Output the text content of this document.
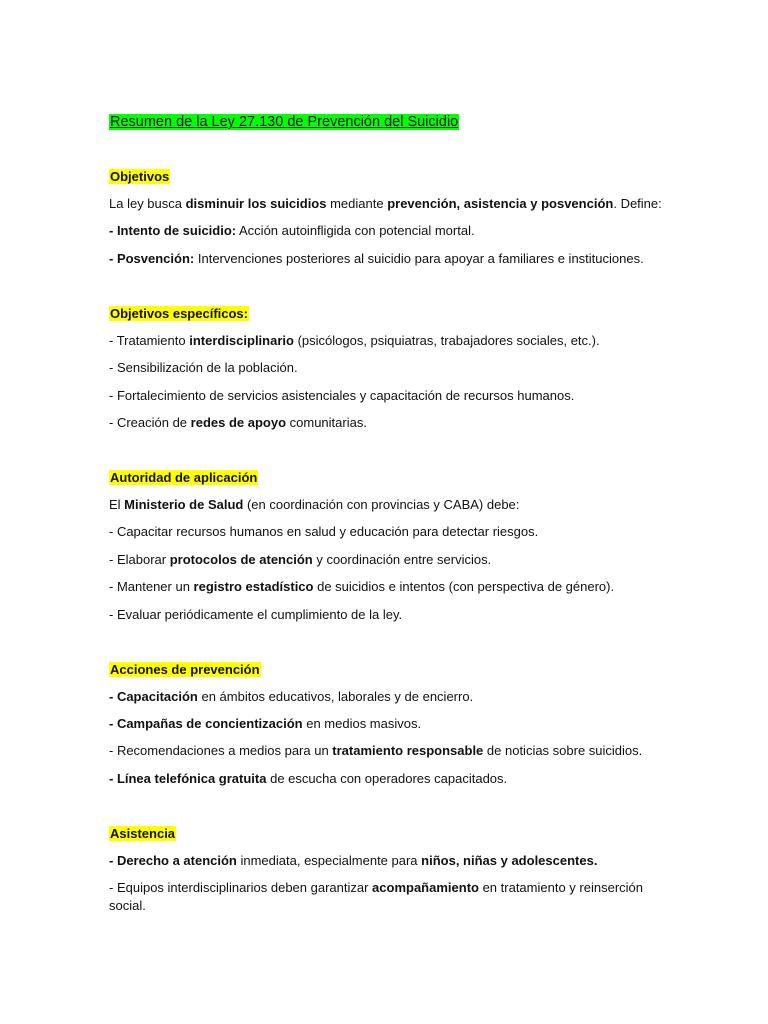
Resumen de la Ley 27.130 de Prevención del Suicidio
Objetivos
La ley busca disminuir los suicidios mediante prevención, asistencia y posvención. Define:
- Intento de suicidio: Acción autoinfligida con potencial mortal.
- Posvención: Intervenciones posteriores al suicidio para apoyar a familiares e instituciones.
Objetivos específicos:
- Tratamiento interdisciplinario (psicólogos, psiquiatras, trabajadores sociales, etc.).
- Sensibilización de la población.
- Fortalecimiento de servicios asistenciales y capacitación de recursos humanos.
- Creación de redes de apoyo comunitarias.
Autoridad de aplicación
El Ministerio de Salud (en coordinación con provincias y CABA) debe:
- Capacitar recursos humanos en salud y educación para detectar riesgos.
- Elaborar protocolos de atención y coordinación entre servicios.
- Mantener un registro estadístico de suicidios e intentos (con perspectiva de género).
- Evaluar periódicamente el cumplimiento de la ley.
Acciones de prevención
- Capacitación en ámbitos educativos, laborales y de encierro.
- Campañas de concientización en medios masivos.
- Recomendaciones a medios para un tratamiento responsable de noticias sobre suicidios.
- Línea telefónica gratuita de escucha con operadores capacitados.
Asistencia
- Derecho a atención inmediata, especialmente para niños, niñas y adolescentes.
- Equipos interdisciplinarios deben garantizar acompañamiento en tratamiento y reinserción social.
